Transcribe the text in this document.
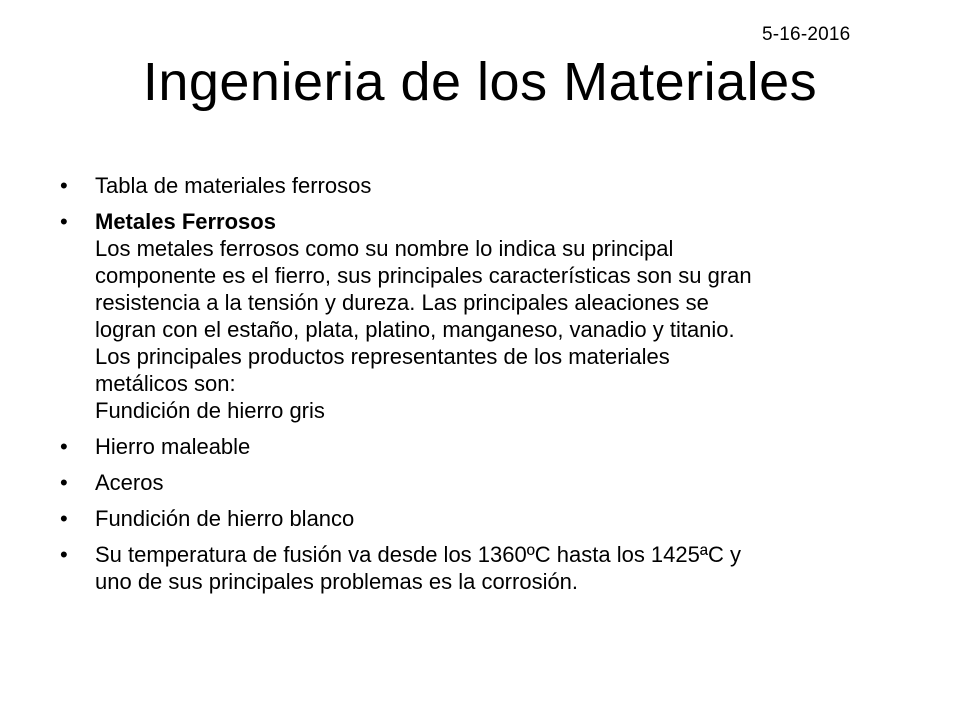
5-16-2016
Ingenieria de los Materiales
•	Tabla de materiales ferrosos
•	Metales Ferrosos
Los metales ferrosos como su nombre lo indica su principal
componente es el fierro, sus principales características son su gran
resistencia a la tensión y dureza. Las principales aleaciones se
logran con el estaño, plata, platino, manganeso, vanadio y titanio.
Los principales productos representantes de los materiales
metálicos son:
Fundición de hierro gris
•	Hierro maleable
•	Aceros
•	Fundición de hierro blanco
•	Su temperatura de fusión va desde los 1360ºC hasta los 1425ªC y
uno de sus principales problemas es la corrosión.
